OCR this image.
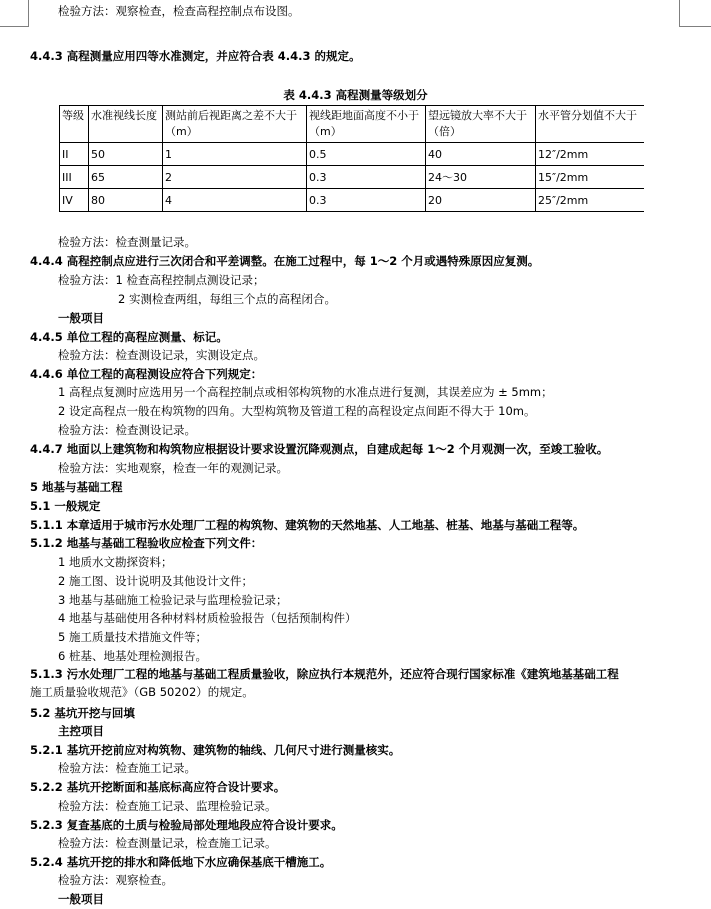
检验方法：观察检查，检查高程控制点布设图。
4.4.3 高程测量应用四等水准测定，并应符合表 4.4.3 的规定。
表 4.4.3 高程测量等级划分
等级	水准视线长度	测站前后视距离之差不大于（m）	视线距地面高度不小于（m）	望远镜放大率不大于（倍）	水平管分划值不大于
II	50	1	0.5	40	12″/2mm
III	65	2	0.3	24～30	15″/2mm
IV	80	4	0.3	20	25″/2mm
检验方法：检查测量记录。
4.4.4 高程控制点应进行三次闭合和平差调整。在施工过程中，每 1～2 个月或遇特殊原因应复测。
检验方法：1 检查高程控制点测设记录；
2 实测检查两组，每组三个点的高程闭合。
一般项目
4.4.5 单位工程的高程应测量、标记。
检验方法：检查测设记录，实测设定点。
4.4.6 单位工程的高程测设应符合下列规定：
1 高程点复测时应选用另一个高程控制点或相邻构筑物的水准点进行复测，其误差应为 ± 5mm；
2 设定高程点一般在构筑物的四角。大型构筑物及管道工程的高程设定点间距不得大于 10m。
检验方法：检查测设记录。
4.4.7 地面以上建筑物和构筑物应根据设计要求设置沉降观测点，自建成起每 1～2 个月观测一次，至竣工验收。
检验方法：实地观察，检查一年的观测记录。
5 地基与基础工程
5.1 一般规定
5.1.1 本章适用于城市污水处理厂工程的构筑物、建筑物的天然地基、人工地基、桩基、地基与基础工程等。
5.1.2 地基与基础工程验收应检查下列文件：
1 地质水文勘探资料；
2 施工图、设计说明及其他设计文件；
3 地基与基础施工检验记录与监理检验记录；
4 地基与基础使用各种材料材质检验报告（包括预制构件）
5 施工质量技术措施文件等；
6 桩基、地基处理检测报告。
5.1.3 污水处理厂工程的地基与基础工程质量验收，除应执行本规范外，还应符合现行国家标准《建筑地基基础工程
施工质量验收规范》（GB 50202）的规定。
5.2 基坑开挖与回填
主控项目
5.2.1 基坑开挖前应对构筑物、建筑物的轴线、几何尺寸进行测量核实。
检验方法：检查施工记录。
5.2.2 基坑开挖断面和基底标高应符合设计要求。
检验方法：检查施工记录、监理检验记录。
5.2.3 复查基底的土质与检验局部处理地段应符合设计要求。
检验方法：检查测量记录，检查施工记录。
5.2.4 基坑开挖的排水和降低地下水应确保基底干槽施工。
检验方法：观察检查。
一般项目
